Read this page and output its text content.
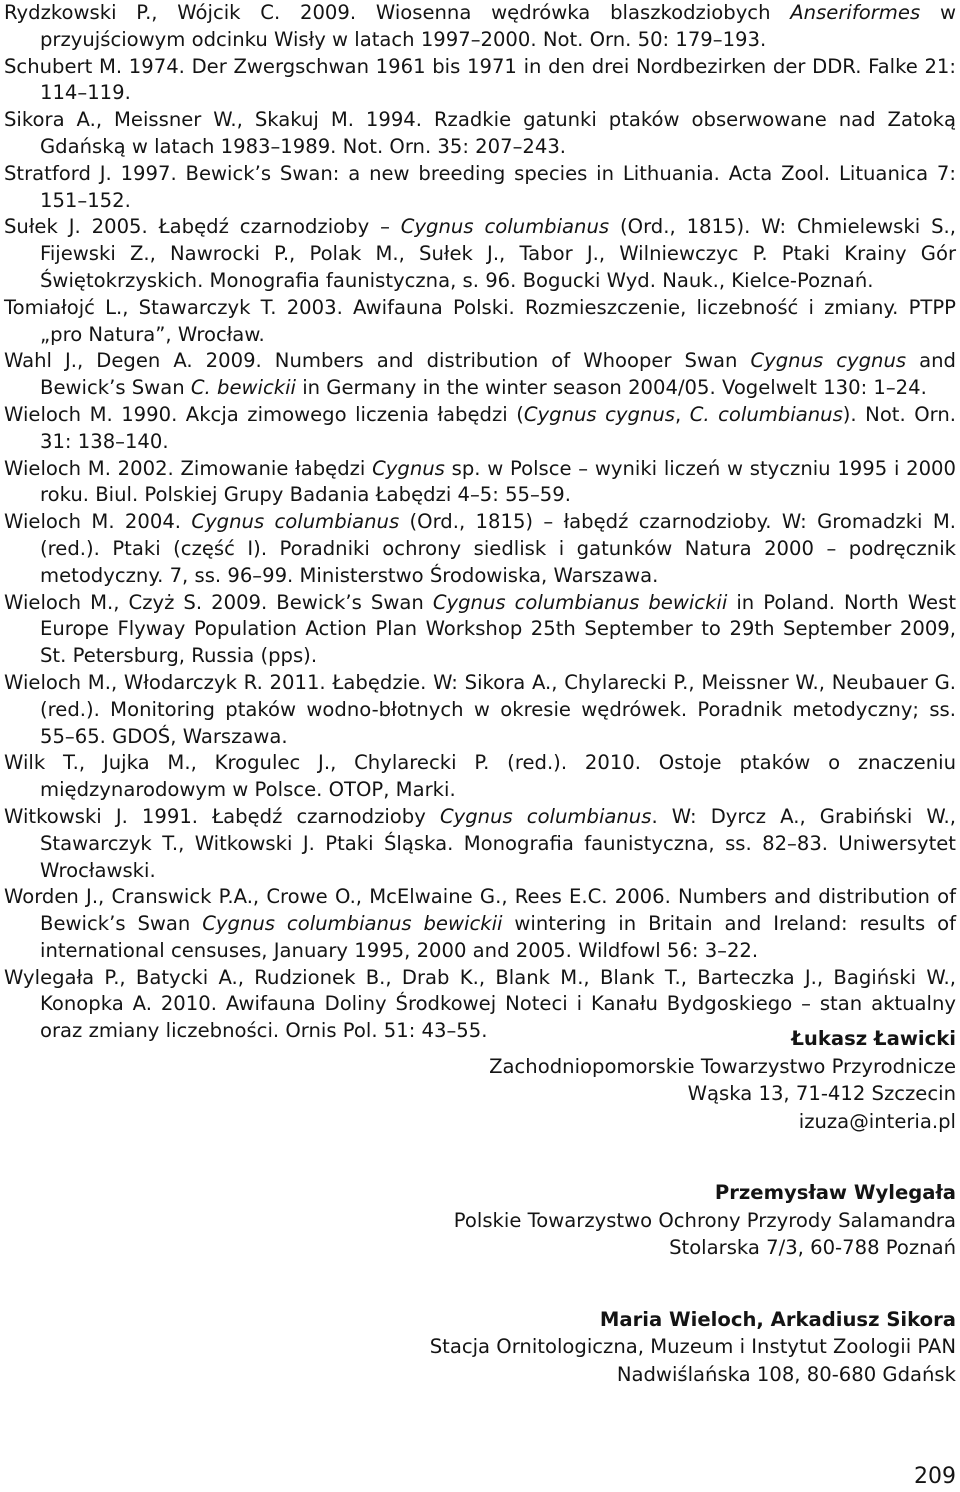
Rydzkowski P., Wójcik C. 2009. Wiosenna wędrówka blaszkodziobych Anseriformes w przyujściowym odcinku Wisły w latach 1997–2000. Not. Orn. 50: 179–193.

Schubert M. 1974. Der Zwergschwan 1961 bis 1971 in den drei Nordbezirken der DDR. Falke 21: 114–119.

Sikora A., Meissner W., Skakuj M. 1994. Rzadkie gatunki ptaków obserwowane nad Zatoką Gdańską w latach 1983–1989. Not. Orn. 35: 207–243.

Stratford J. 1997. Bewick’s Swan: a new breeding species in Lithuania. Acta Zool. Lituanica 7: 151–152.

Sułek J. 2005. Łabędź czarnodzioby – Cygnus columbianus (Ord., 1815). W: Chmielewski S., Fijewski Z., Nawrocki P., Polak M., Sułek J., Tabor J., Wilniewczyc P. Ptaki Krainy Gór Świętokrzyskich. Monografia faunistyczna, s. 96. Bogucki Wyd. Nauk., Kielce-Poznań.

Tomiałojć L., Stawarczyk T. 2003. Awifauna Polski. Rozmieszczenie, liczebność i zmiany. PTPP „pro Natura”, Wrocław.

Wahl J., Degen A. 2009. Numbers and distribution of Whooper Swan Cygnus cygnus and Bewick’s Swan C. bewickii in Germany in the winter season 2004/05. Vogelwelt 130: 1–24.

Wieloch M. 1990. Akcja zimowego liczenia łabędzi (Cygnus cygnus, C. columbianus). Not. Orn. 31: 138–140.

Wieloch M. 2002. Zimowanie łabędzi Cygnus sp. w Polsce – wyniki liczeń w styczniu 1995 i 2000 roku. Biul. Polskiej Grupy Badania Łabędzi 4–5: 55–59.

Wieloch M. 2004. Cygnus columbianus (Ord., 1815) – łabędź czarnodzioby. W: Gromadzki M. (red.). Ptaki (część I). Poradniki ochrony siedlisk i gatunków Natura 2000 – podręcznik metodyczny. 7, ss. 96–99. Ministerstwo Środowiska, Warszawa.

Wieloch M., Czyż S. 2009. Bewick’s Swan Cygnus columbianus bewickii in Poland. North West Europe Flyway Population Action Plan Workshop 25th September to 29th September 2009, St. Petersburg, Russia (pps).

Wieloch M., Włodarczyk R. 2011. Łabędzie. W: Sikora A., Chylarecki P., Meissner W., Neubauer G. (red.). Monitoring ptaków wodno-błotnych w okresie wędrówek. Poradnik metodyczny; ss. 55–65. GDOŚ, Warszawa.

Wilk T., Jujka M., Krogulec J., Chylarecki P. (red.). 2010. Ostoje ptaków o znaczeniu międzynarodowym w Polsce. OTOP, Marki.

Witkowski J. 1991. Łabędź czarnodzioby Cygnus columbianus. W: Dyrcz A., Grabiński W., Stawarczyk T., Witkowski J. Ptaki Śląska. Monografia faunistyczna, ss. 82–83. Uniwersytet Wrocławski.

Worden J., Cranswick P.A., Crowe O., McElwaine G., Rees E.C. 2006. Numbers and distribution of Bewick’s Swan Cygnus columbianus bewickii wintering in Britain and Ireland: results of international censuses, January 1995, 2000 and 2005. Wildfowl 56: 3–22.

Wylegała P., Batycki A., Rudzionek B., Drab K., Blank M., Blank T., Barteczka J., Bagiński W., Konopka A. 2010. Awifauna Doliny Środkowej Noteci i Kanału Bydgoskiego – stan aktualny oraz zmiany liczebności. Ornis Pol. 51: 43–55.	Łukasz Ławicki

Zachodniopomorskie Towarzystwo Przyrodnicze

Wąska 13, 71-412 Szczecin

izuza@interia.pl

Przemysław Wylegała

Polskie Towarzystwo Ochrony Przyrody Salamandra

Stolarska 7/3, 60-788 Poznań

Maria Wieloch, Arkadiusz Sikora

Stacja Ornitologiczna, Muzeum i Instytut Zoologii PAN

Nadwiślańska 108, 80-680 Gdańsk

209
